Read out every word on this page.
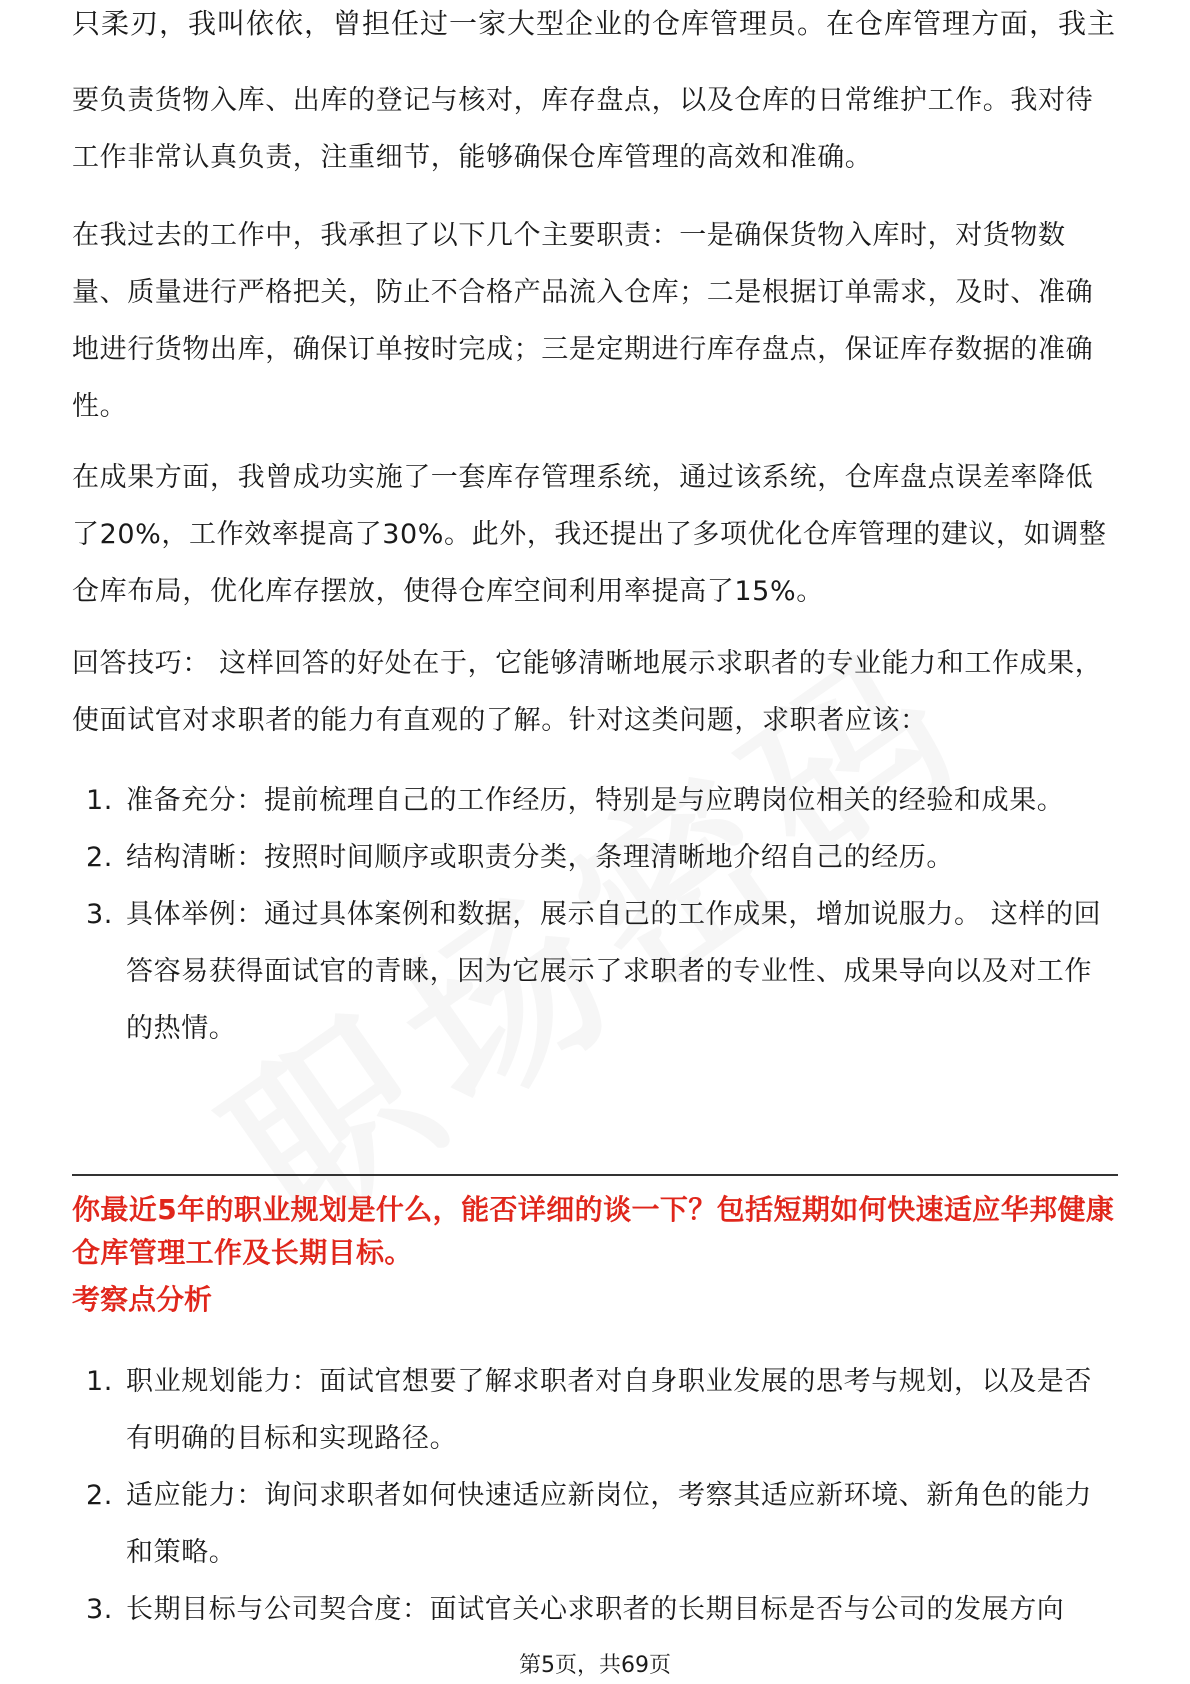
只柔刃，我叫依依，曾担任过一家大型企业的仓库管理员。在仓库管理方面，我主
要负责货物入库、出库的登记与核对，库存盘点，以及仓库的日常维护工作。我对待工作非常认真负责，注重细节，能够确保仓库管理的高效和准确。
在我过去的工作中，我承担了以下几个主要职责：一是确保货物入库时，对货物数量、质量进行严格把关，防止不合格产品流入仓库；二是根据订单需求，及时、准确地进行货物出库，确保订单按时完成；三是定期进行库存盘点，保证库存数据的准确性。
在成果方面，我曾成功实施了一套库存管理系统，通过该系统，仓库盘点误差率降低了20%，工作效率提高了30%。此外，我还提出了多项优化仓库管理的建议，如调整仓库布局，优化库存摆放，使得仓库空间利用率提高了15%。
回答技巧： 这样回答的好处在于，它能够清晰地展示求职者的专业能力和工作成果，使面试官对求职者的能力有直观的了解。针对这类问题，求职者应该：
1. 准备充分：提前梳理自己的工作经历，特别是与应聘岗位相关的经验和成果。
2. 结构清晰：按照时间顺序或职责分类，条理清晰地介绍自己的经历。
3. 具体举例：通过具体案例和数据，展示自己的工作成果，增加说服力。 这样的回答容易获得面试官的青睐，因为它展示了求职者的专业性、成果导向以及对工作的热情。
你最近5年的职业规划是什么，能否详细的谈一下？包括短期如何快速适应华邦健康仓库管理工作及长期目标。
考察点分析
1. 职业规划能力：面试官想要了解求职者对自身职业发展的思考与规划，以及是否有明确的目标和实现路径。
2. 适应能力：询问求职者如何快速适应新岗位，考察其适应新环境、新角色的能力和策略。
3. 长期目标与公司契合度：面试官关心求职者的长期目标是否与公司的发展方向
第5页，共69页
